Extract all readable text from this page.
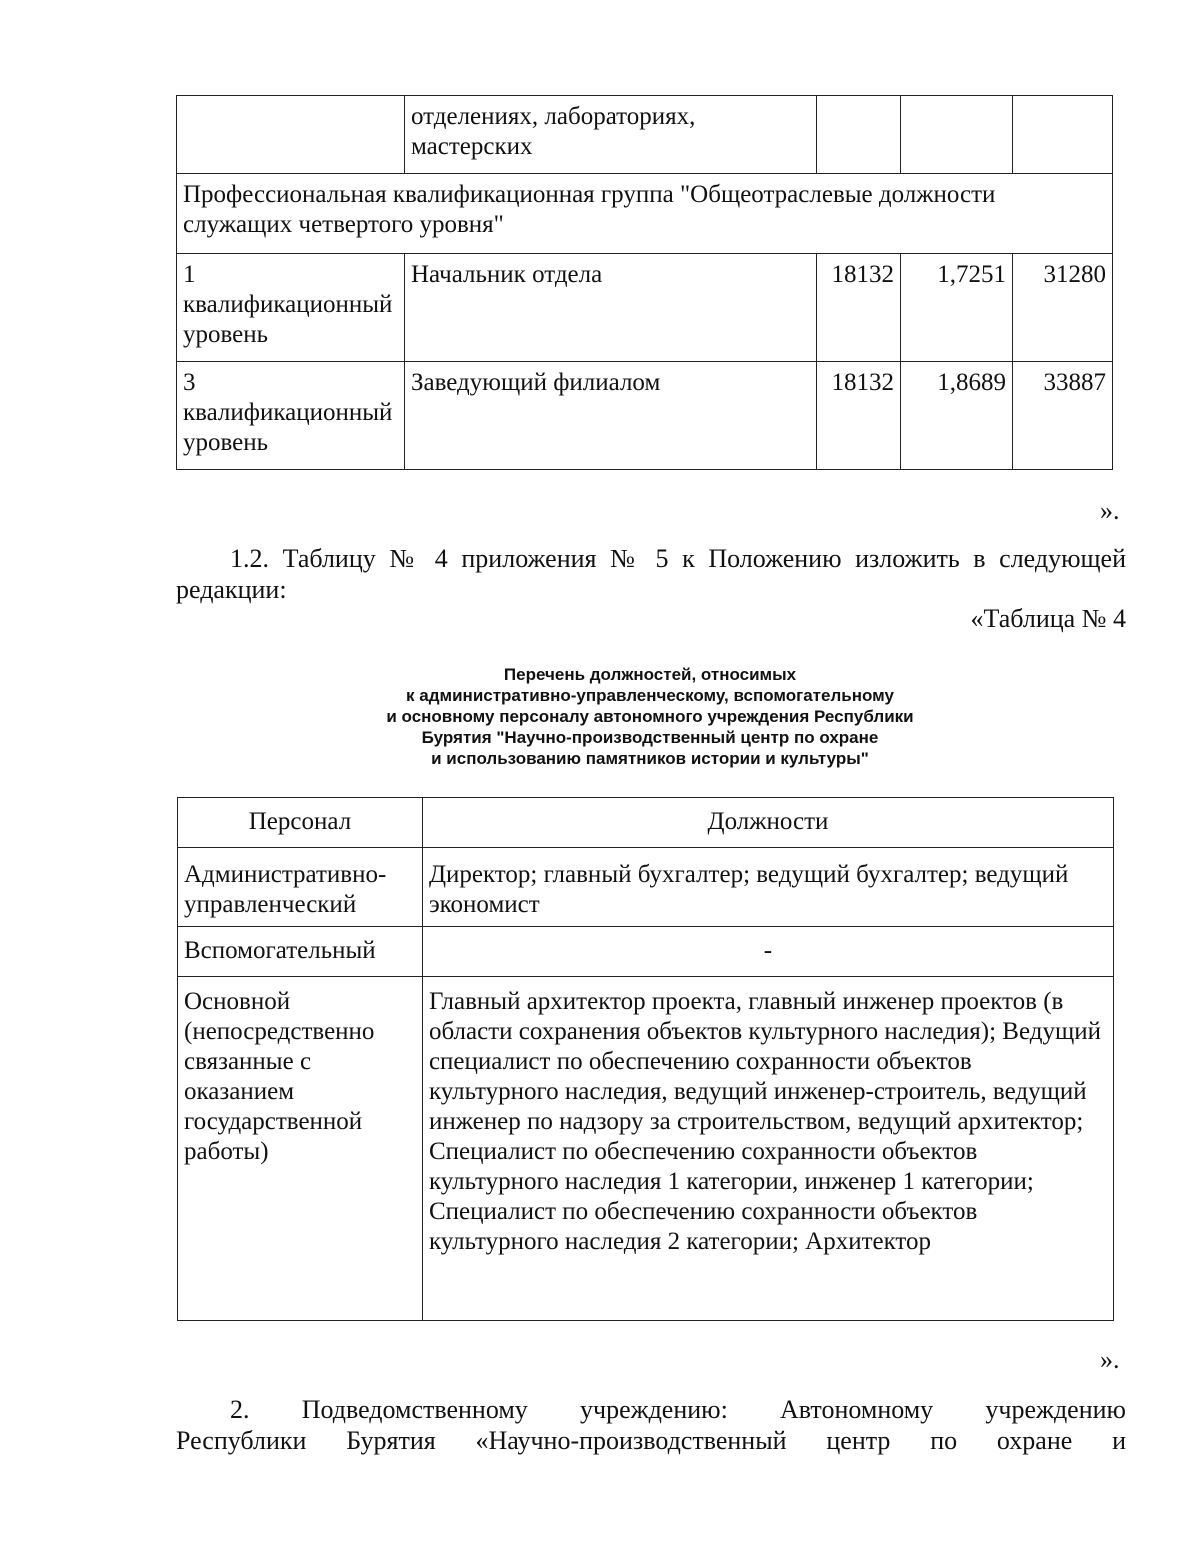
	отделениях, лабораториях, мастерских			
Профессиональная квалификационная группа "Общеотраслевые должности служащих четвертого уровня"				
1 квалификационный уровень	Начальник отдела	18132	1,7251	31280
3 квалификационный уровень	Заведующий филиалом	18132	1,8689	33887
».
1.2. Таблицу № 4 приложения № 5 к Положению изложить в следующей редакции:
«Таблица № 4
Перечень должностей, относимых
к административно-управленческому, вспомогательному
и основному персоналу автономного учреждения Республики
Бурятия "Научно-производственный центр по охране
и использованию памятников истории и культуры"
Персонал	Должности
Административно-управленческий	Директор; главный бухгалтер; ведущий бухгалтер; ведущий экономист
Вспомогательный	-
Основной (непосредственно связанные с оказанием государственной работы)	Главный архитектор проекта, главный инженер проектов (в области сохранения объектов культурного наследия); Ведущий специалист по обеспечению сохранности объектов культурного наследия, ведущий инженер-строитель, ведущий инженер по надзору за строительством, ведущий архитектор; Специалист по обеспечению сохранности объектов культурного наследия 1 категории, инженер 1 категории; Специалист по обеспечению сохранности объектов культурного наследия 2 категории; Архитектор
».
2. Подведомственному учреждению: Автономному учреждению
Республики Бурятия «Научно-производственный центр по охране и
